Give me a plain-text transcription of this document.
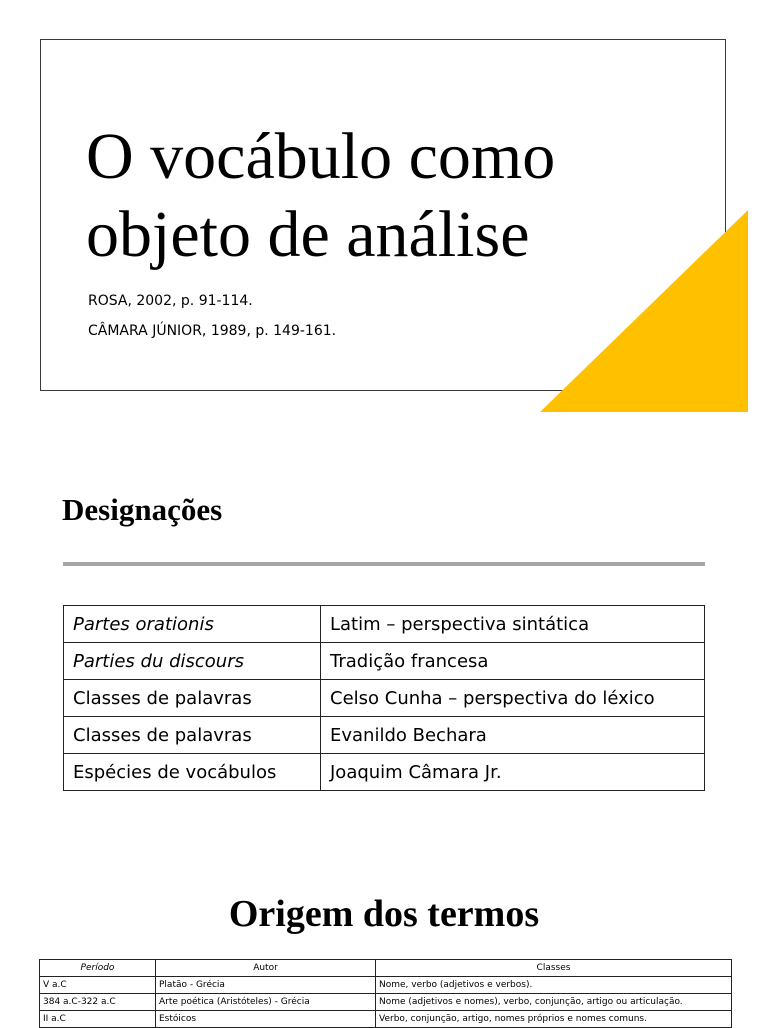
O vocábulo como objeto de análise
ROSA, 2002, p. 91-114.
CÂMARA JÚNIOR, 1989, p. 149-161.
Designações
Partes orationis	Latim – perspectiva sintática
Parties du discours	Tradição francesa
Classes de palavras	Celso Cunha – perspectiva do léxico
Classes de palavras	Evanildo Bechara
Espécies de vocábulos	Joaquim Câmara Jr.
Origem dos termos
Período	Autor	Classes
V a.C	Platão - Grécia	Nome, verbo (adjetivos e verbos).
384 a.C-322 a.C	Arte poética (Aristóteles) - Grécia	Nome (adjetivos e nomes), verbo, conjunção, artigo ou articulação.
II a.C	Estóicos	Verbo, conjunção, artigo, nomes próprios e nomes comuns.
